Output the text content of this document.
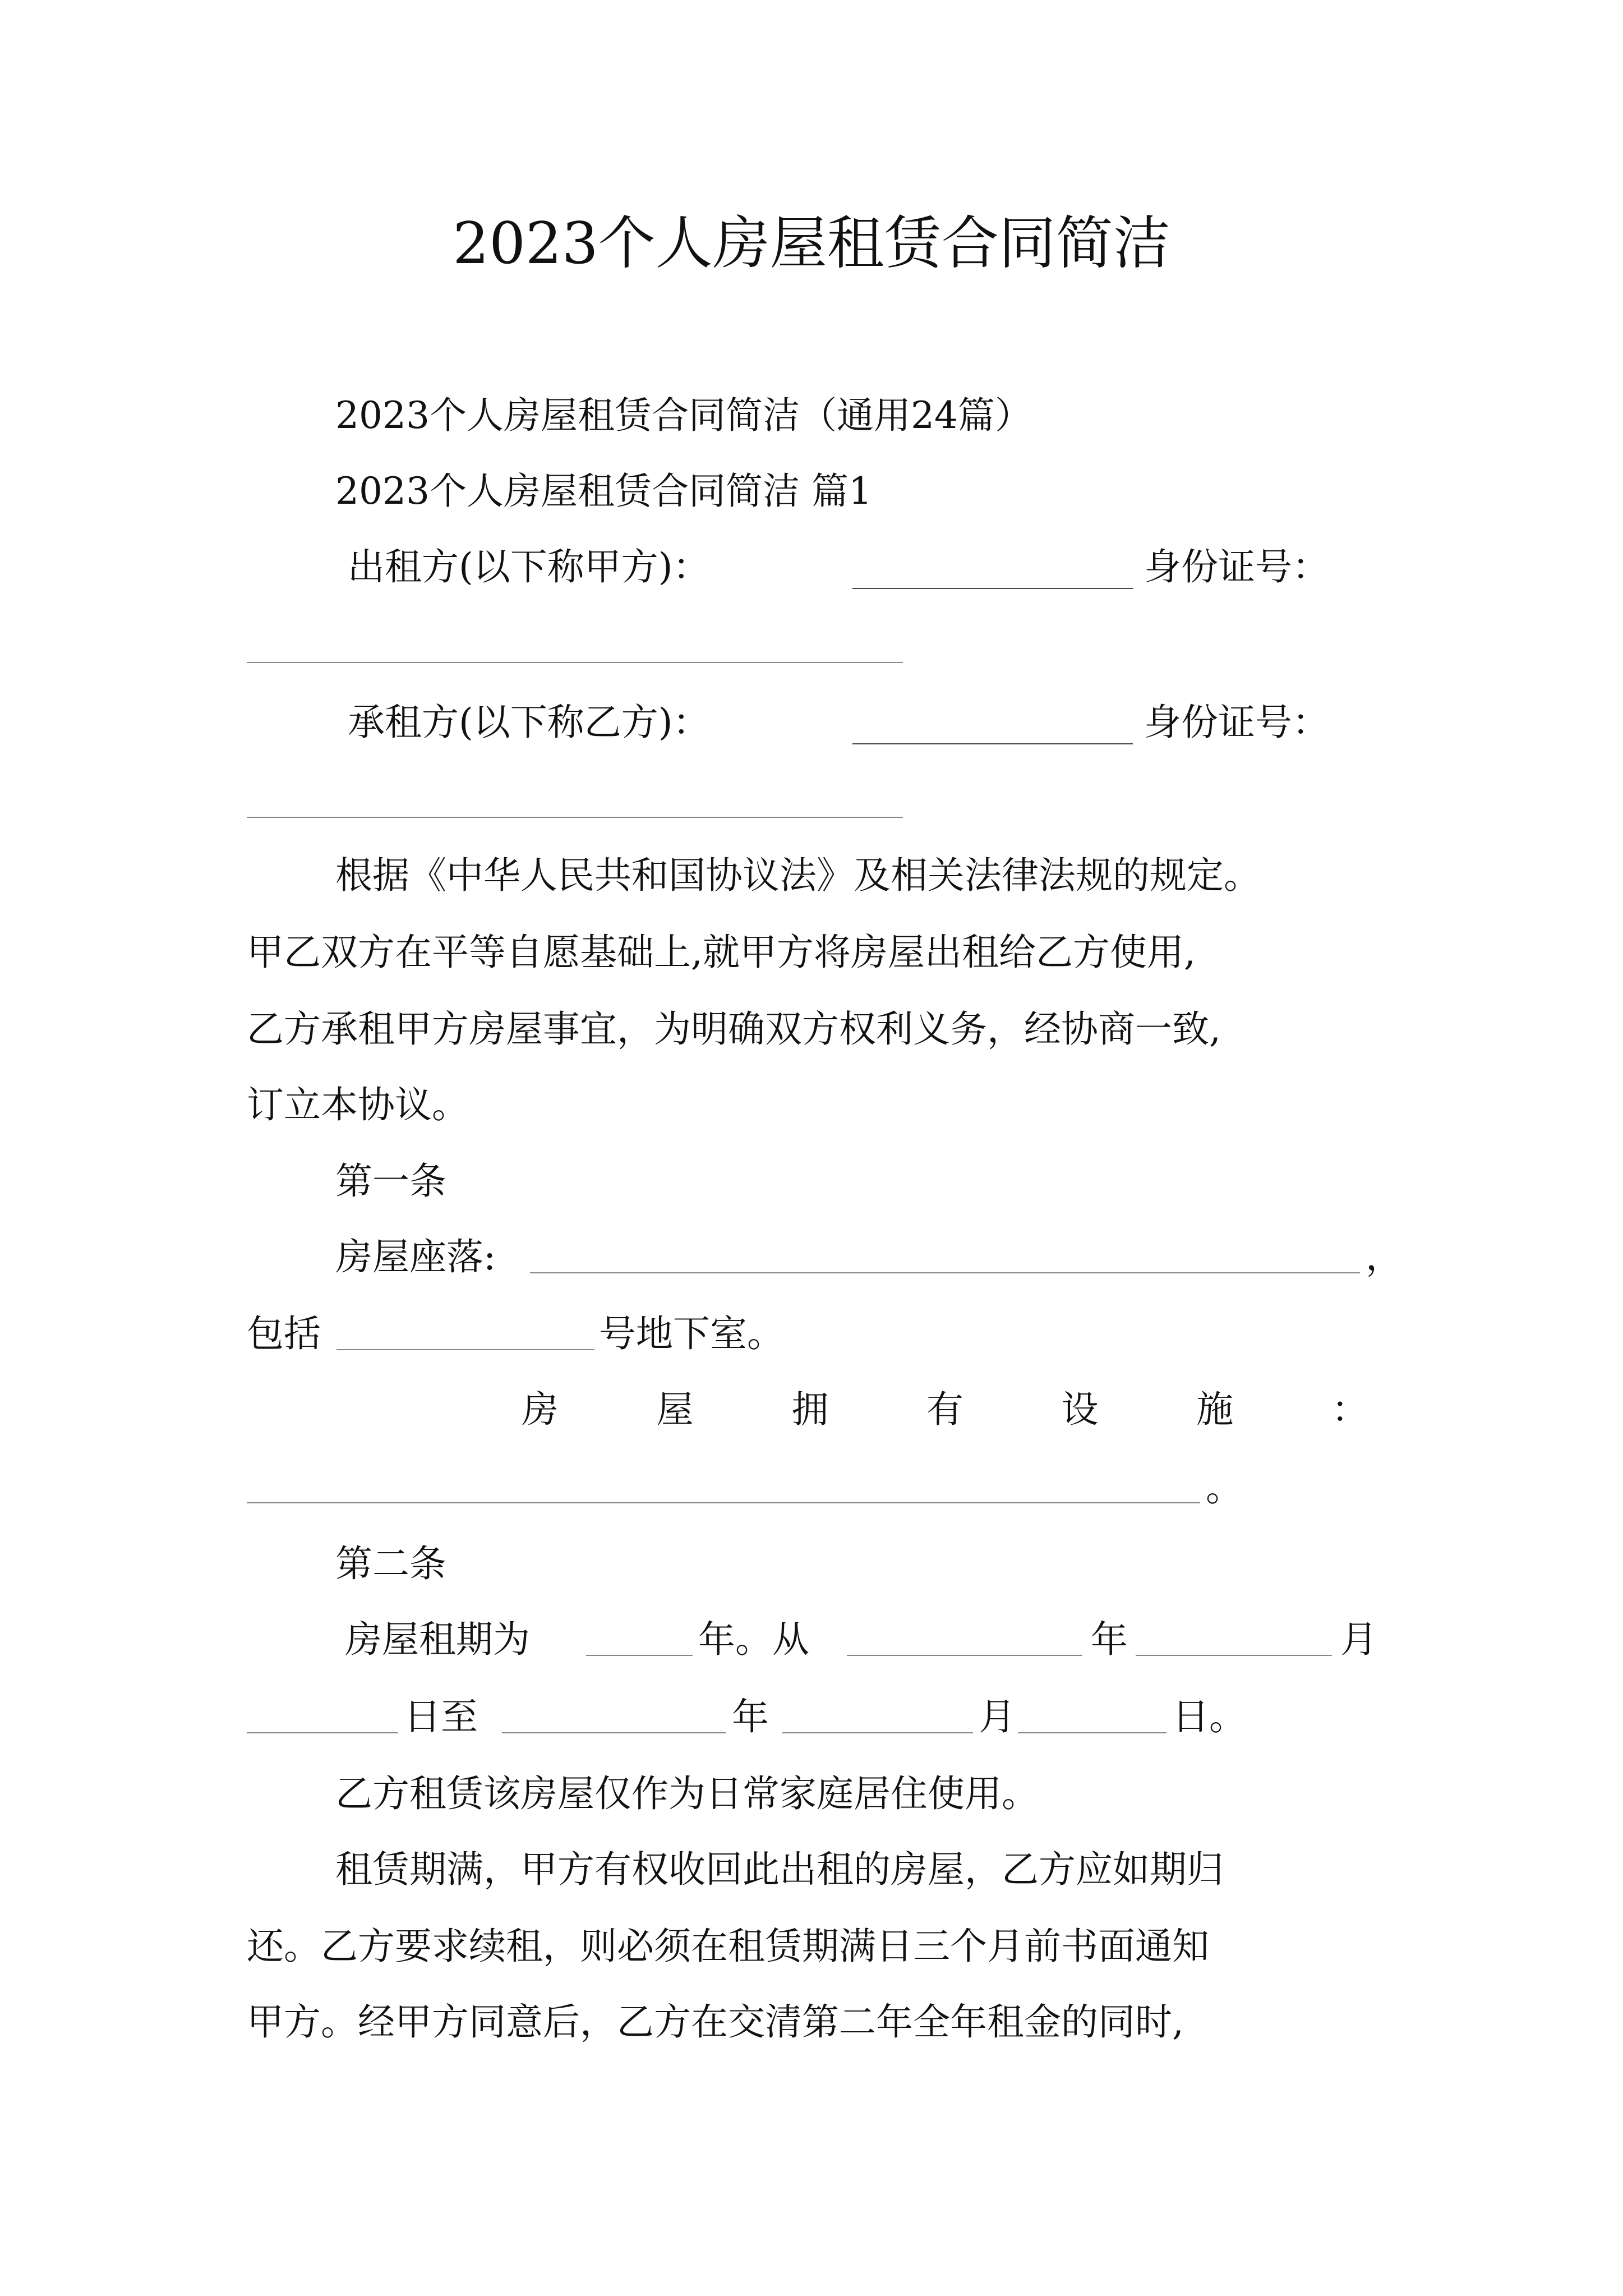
2023个人房屋租赁合同简洁
2023个人房屋租赁合同简洁（通用24篇）
2023个人房屋租赁合同简洁 篇1
出租方(以下称甲方)：	身份证号：
承租方(以下称乙方)：	身份证号：
根据《中华人民共和国协议法》及相关法律法规的规定。
甲乙双方在平等自愿基础上,就甲方将房屋出租给乙方使用,
乙方承租甲方房屋事宜，为明确双方权利义务，经协商一致,
订立本协议。
第一条
房屋座落:	，
包括	号地下室。
房	屋	拥	有	设	施	：
。
第二条
房屋租期为	年。从	年	月
日至	年	月	日。
乙方租赁该房屋仅作为日常家庭居住使用。
租赁期满，甲方有权收回此出租的房屋，乙方应如期归
还。乙方要求续租，则必须在租赁期满日三个月前书面通知
甲方。经甲方同意后，乙方在交清第二年全年租金的同时,
